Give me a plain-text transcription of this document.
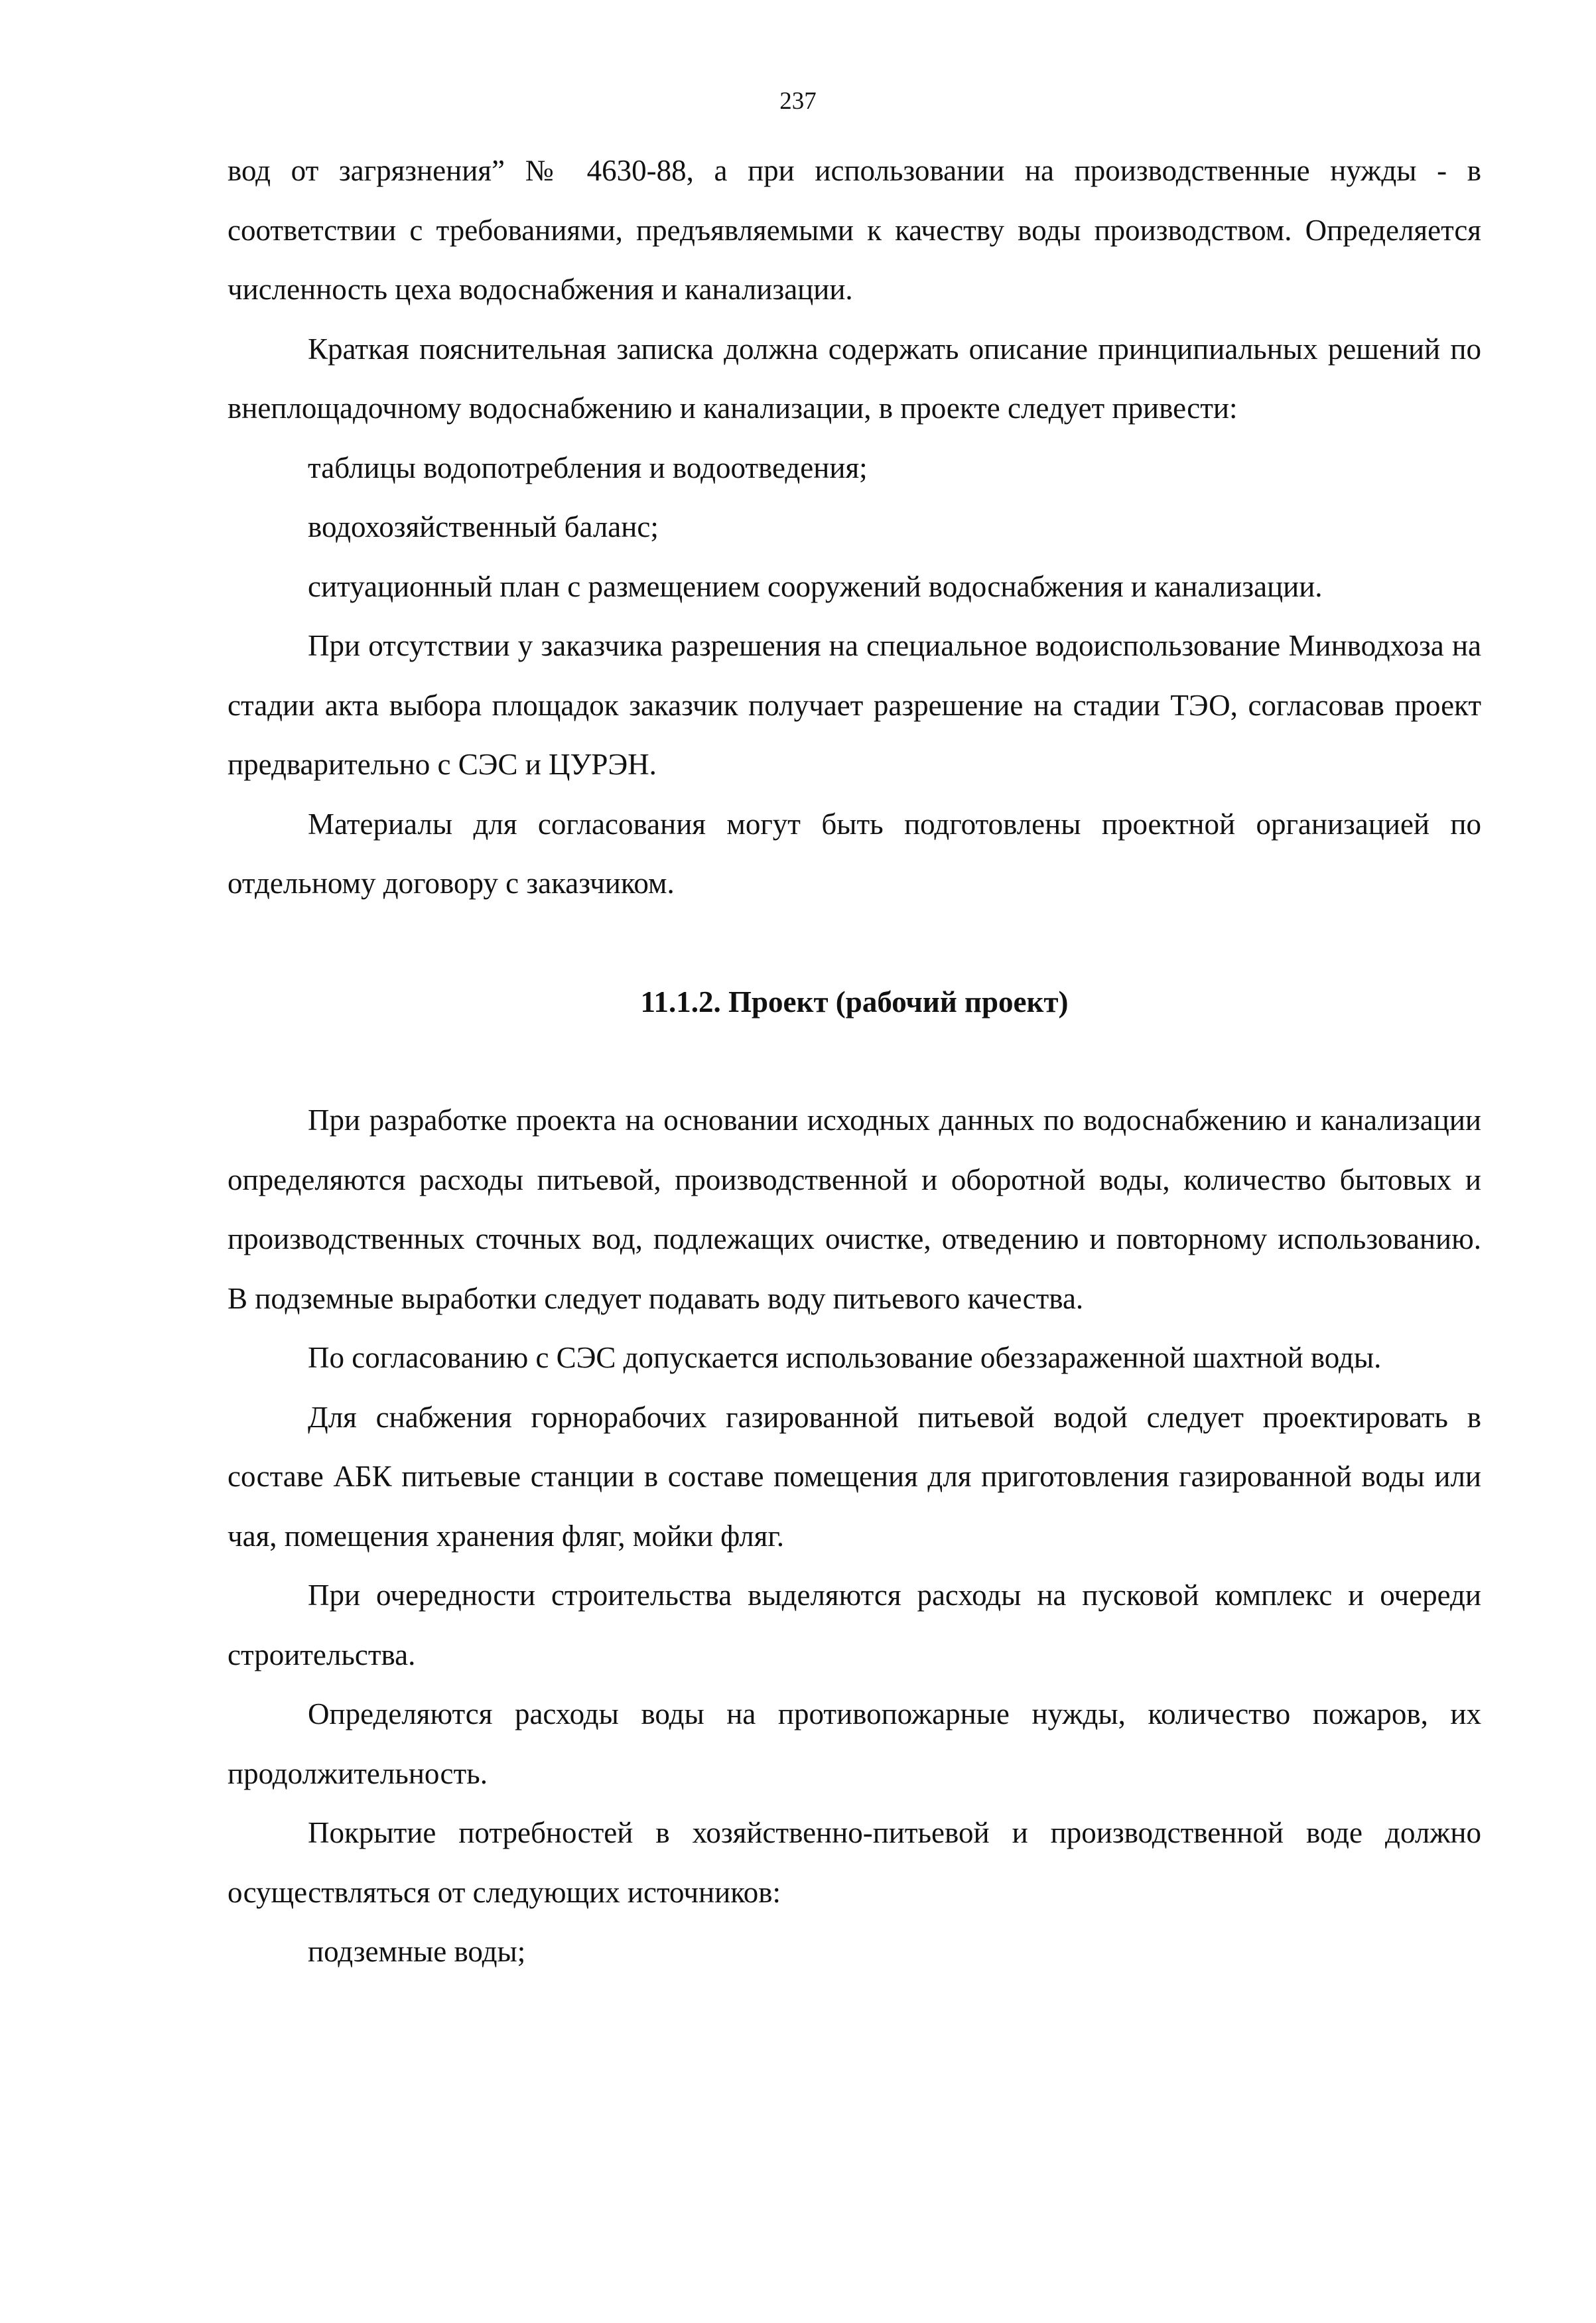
237

вод от загрязнения” № 4630-88, а при использовании на производственные нужды - в соответствии с требованиями, предъявляемыми к качеству воды производством. Определяется численность цеха водоснабжения и канализации.

Краткая пояснительная записка должна содержать описание принципиальных решений по внеплощадочному водоснабжению и канализации, в проекте следует привести:

таблицы водопотребления и водоотведения;

водохозяйственный баланс;

ситуационный план с размещением сооружений водоснабжения и канализации.

При отсутствии у заказчика разрешения на специальное водоиспользование Минводхоза на стадии акта выбора площадок заказчик получает разрешение на стадии ТЭО, согласовав проект предварительно с СЭС и ЦУРЭН.

Материалы для согласования могут быть подготовлены проектной организацией по отдельному договору с заказчиком.

11.1.2. Проект (рабочий проект)

При разработке проекта на основании исходных данных по водоснабжению и канализации определяются расходы питьевой, производственной и оборотной воды, количество бытовых и производственных сточных вод, подлежащих очистке, отведению и повторному использованию. В подземные выработки следует подавать воду питьевого качества.

По согласованию с СЭС допускается использование обеззараженной шахтной воды.

Для снабжения горнорабочих газированной питьевой водой следует проектировать в составе АБК питьевые станции в составе помещения для приготовления газированной воды или чая, помещения хранения фляг, мойки фляг.

При очередности строительства выделяются расходы на пусковой комплекс и очереди строительства.

Определяются расходы воды на противопожарные нужды, количество пожаров, их продолжительность.

Покрытие потребностей в хозяйственно-питьевой и производственной воде должно осуществляться от следующих источников:

подземные воды;
